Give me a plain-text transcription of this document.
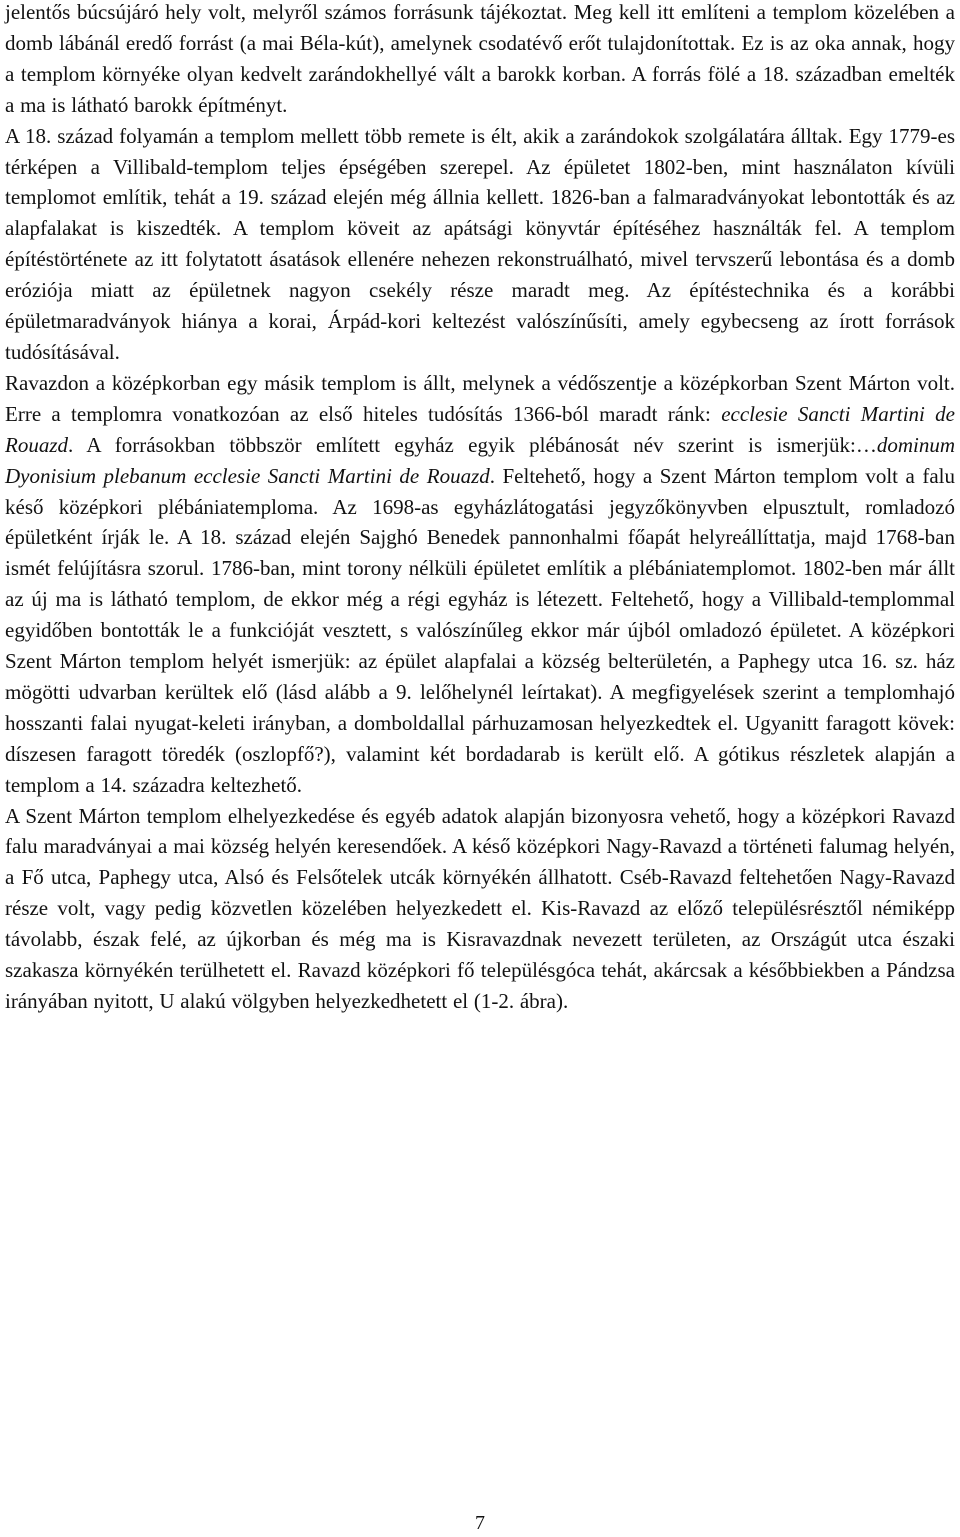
jelentős búcsújáró hely volt, melyről számos forrásunk tájékoztat. Meg kell itt említeni a templom közelében a domb lábánál eredő forrást (a mai Béla-kút), amelynek csodatévő erőt tulajdonítottak. Ez is az oka annak, hogy a templom környéke olyan kedvelt zarándokhellyé vált a barokk korban. A forrás fölé a 18. században emelték a ma is látható barokk építményt.

A 18. század folyamán a templom mellett több remete is élt, akik a zarándokok szolgálatára álltak. Egy 1779-es térképen a Villibald-templom teljes épségében szerepel. Az épületet 1802-ben, mint használaton kívüli templomot említik, tehát a 19. század elején még állnia kellett. 1826-ban a falmaradványokat lebontották és az alapfalakat is kiszedték. A templom köveit az apátsági könyvtár építéséhez használták fel. A templom építéstörténete az itt folytatott ásatások ellenére nehezen rekonstruálható, mivel tervszerű lebontása és a domb eróziója miatt az épületnek nagyon csekély része maradt meg. Az építéstechnika és a korábbi épületmaradványok hiánya a korai, Árpád-kori keltezést valószínűsíti, amely egybecseng az írott források tudósításával.

Ravazdon a középkorban egy másik templom is állt, melynek a védőszentje a középkorban Szent Márton volt. Erre a templomra vonatkozóan az első hiteles tudósítás 1366-ból maradt ránk: ecclesie Sancti Martini de Rouazd. A forrásokban többször említett egyház egyik plébánosát név szerint is ismerjük:…dominum Dyonisium plebanum ecclesie Sancti Martini de Rouazd. Feltehető, hogy a Szent Márton templom volt a falu késő középkori plébániatemploma. Az 1698-as egyházlátogatási jegyzőkönyvben elpusztult, romladozó épületként írják le. A 18. század elején Sajghó Benedek pannonhalmi főapát helyreállíttatja, majd 1768-ban ismét felújításra szorul. 1786-ban, mint torony nélküli épületet említik a plébániatemplomot. 1802-ben már állt az új ma is látható templom, de ekkor még a régi egyház is létezett. Feltehető, hogy a Villibald-templommal egyidőben bontották le a funkcióját vesztett, s valószínűleg ekkor már újból omladozó épületet. A középkori Szent Márton templom helyét ismerjük: az épület alapfalai a község belterületén, a Paphegy utca 16. sz. ház mögötti udvarban kerültek elő (lásd alább a 9. lelőhelynél leírtakat). A megfigyelések szerint a templomhajó hosszanti falai nyugat-keleti irányban, a domboldallal párhuzamosan helyezkedtek el. Ugyanitt faragott kövek: díszesen faragott töredék (oszlopfő?), valamint két bordadarab is került elő. A gótikus részletek alapján a templom a 14. századra keltezhető.

A Szent Márton templom elhelyezkedése és egyéb adatok alapján bizonyosra vehető, hogy a középkori Ravazd falu maradványai a mai község helyén keresendőek. A késő középkori Nagy-Ravazd a történeti falumag helyén, a Fő utca, Paphegy utca, Alsó és Felsőtelek utcák környékén állhatott. Cséb-Ravazd feltehetően Nagy-Ravazd része volt, vagy pedig közvetlen közelében helyezkedett el. Kis-Ravazd az előző településrésztől némiképp távolabb, észak felé, az újkorban és még ma is Kisravazdnak nevezett területen, az Országút utca északi szakasza környékén terülhetett el. Ravazd középkori fő településgóca tehát, akárcsak a későbbiekben a Pándzsa irányában nyitott, U alakú völgyben helyezkedhetett el (1-2. ábra).

7
